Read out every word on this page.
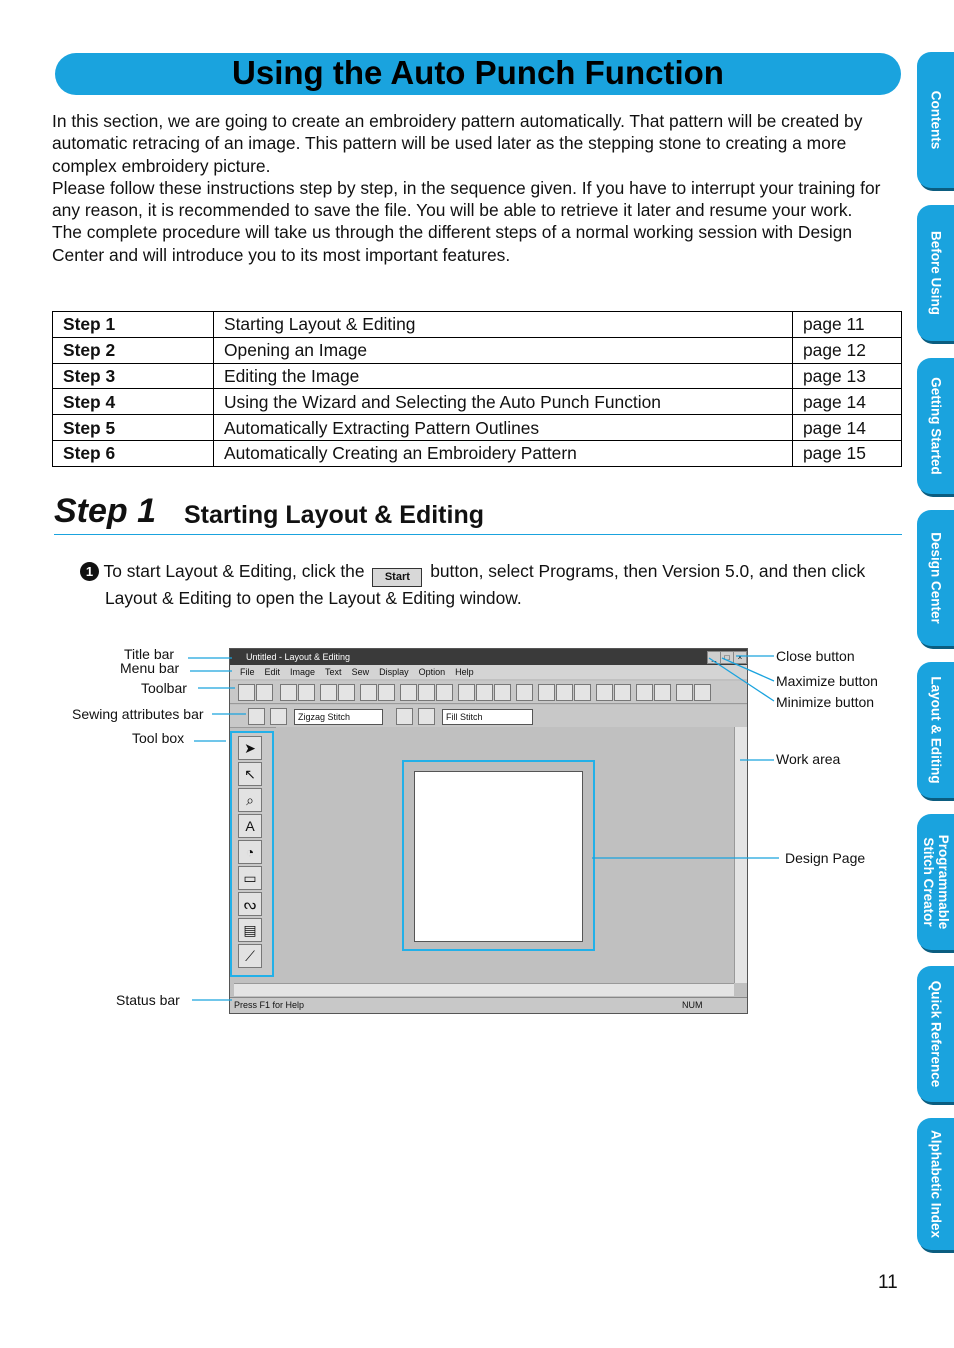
Using the Auto Punch Function

In this section, we are going to create an embroidery pattern automatically. That pattern will be created by automatic retracing of an image. This pattern will be used later as the stepping stone to creating a more complex embroidery picture.

Please follow these instructions step by step, in the sequence given. If you have to interrupt your training for any reason, it is recommended to save the file. You will be able to retrieve it later and resume your work.

The complete procedure will take us through the different steps of a normal working session with Design Center and will introduce you to its most important features.

Step 1	Starting Layout & Editing	page 11
Step 2	Opening an Image	page 12
Step 3	Editing the Image	page 13
Step 4	Using the Wizard and Selecting the Auto Punch Function	page 14
Step 5	Automatically Extracting Pattern Outlines	page 14
Step 6	Automatically Creating an Embroidery Pattern	page 15
Step 1 Starting Layout & Editing
1 To start Layout & Editing, click the Start button, select Programs, then Version 5.0, and then click
Layout & Editing to open the Layout & Editing window.
Untitled - Layout & Editing	_	□	×
File Edit Image Text Sew Display Option Help
Zigzag Stitch	Fill Stitch
➤
↖
⌕
A
◔
▭
ᔓ
▤
⟋
Press F1 for Help	NUM
Title bar
Menu bar
Toolbar
Sewing attributes bar
Tool box
Status bar
Close button
Maximize button
Minimize button
Work area
Design Page
Contents
Before Using
Getting Started
Design Center
Layout & Editing
Programmable Stitch Creator
Quick Reference
Alphabetic Index
11
